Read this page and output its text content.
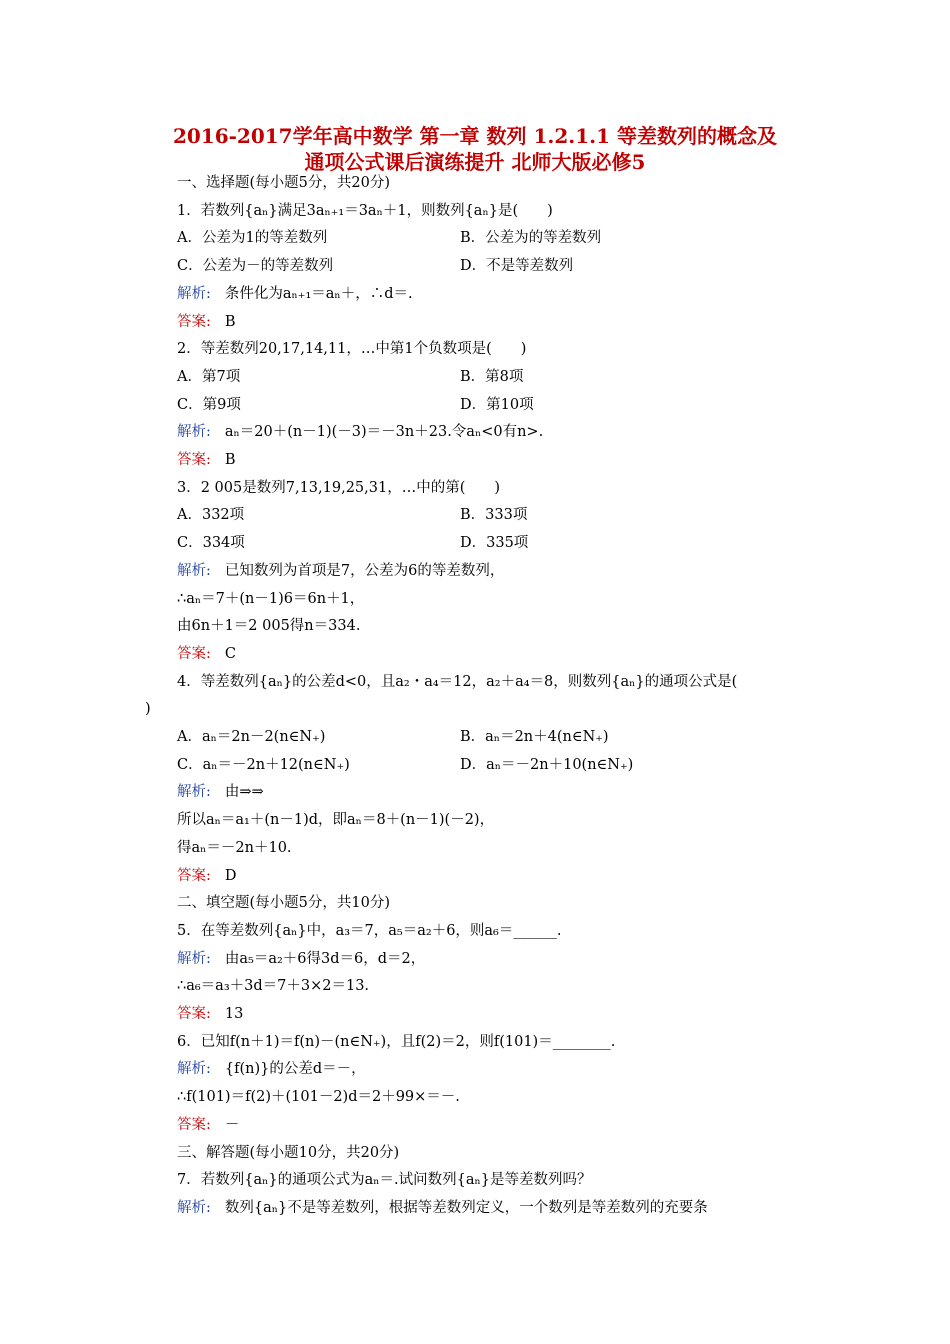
2016-2017学年高中数学 第一章 数列 1.2.1.1 等差数列的概念及
通项公式课后演练提升 北师大版必修5
一、选择题(每小题5分，共20分)
1．若数列{aₙ}满足3aₙ₊₁＝3aₙ＋1，则数列{aₙ}是(　　)
A．公差为1的等差数列	B．公差为的等差数列
C．公差为－的等差数列	D．不是等差数列
解析: 条件化为aₙ₊₁＝aₙ＋，∴d＝.
答案: B
2．等差数列20,17,14,11，…中第1个负数项是(　　)
A．第7项	B．第8项
C．第9项	D．第10项
解析: aₙ＝20＋(n－1)(－3)＝－3n＋23.令aₙ<0有n>.
答案: B
3．2 005是数列7,13,19,25,31，…中的第(　　)
A．332项	B．333项
C．334项	D．335项
解析: 已知数列为首项是7，公差为6的等差数列，
∴aₙ＝7＋(n－1)6＝6n＋1，
由6n＋1＝2 005得n＝334.
答案: C
4．等差数列{aₙ}的公差d<0，且a₂・a₄＝12，a₂＋a₄＝8，则数列{aₙ}的通项公式是(
)
A．aₙ＝2n－2(n∈N₊)	B．aₙ＝2n＋4(n∈N₊)
C．aₙ＝－2n＋12(n∈N₊)	D．aₙ＝－2n＋10(n∈N₊)
解析: 由⇒⇒
所以aₙ＝a₁＋(n－1)d，即aₙ＝8＋(n－1)(－2)，
得aₙ＝－2n＋10.
答案: D
二、填空题(每小题5分，共10分)
5．在等差数列{aₙ}中，a₃＝7，a₅＝a₂＋6，则a₆＝______.
解析: 由a₅＝a₂＋6得3d＝6，d＝2，
∴a₆＝a₃＋3d＝7＋3×2＝13.
答案: 13
6．已知f(n＋1)＝f(n)－(n∈N₊)，且f(2)＝2，则f(101)＝________.
解析: {f(n)}的公差d＝－，
∴f(101)＝f(2)＋(101－2)d＝2＋99×＝－.
答案: －
三、解答题(每小题10分，共20分)
7．若数列{aₙ}的通项公式为aₙ＝.试问数列{aₙ}是等差数列吗？
解析: 数列{aₙ}不是等差数列，根据等差数列定义，一个数列是等差数列的充要条
